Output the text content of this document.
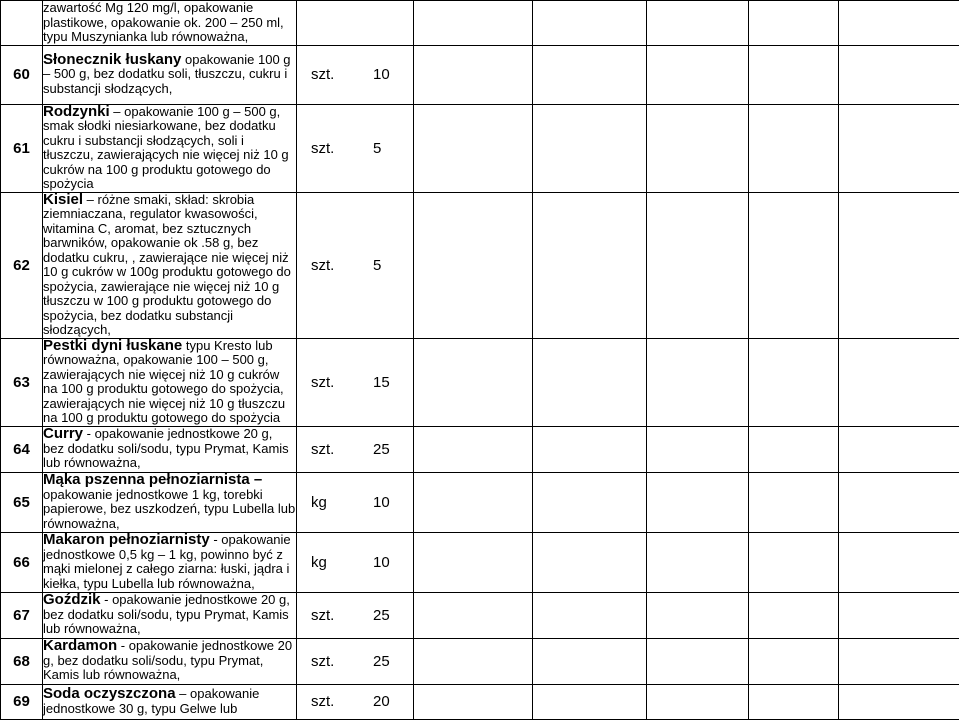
	zawartość Mg 120 mg/l, opakowanie plastikowe, opakowanie ok. 200 – 250 ml, typu Muszynianka lub równoważna,						
60	Słonecznik łuskany opakowanie 100 g – 500 g, bez dodatku soli, tłuszczu, cukru i substancji słodzących,	szt. 10					
61	Rodzynki – opakowanie 100 g – 500 g, smak słodki niesiarkowane, bez dodatku cukru i substancji słodzących, soli i tłuszczu, zawierających nie więcej niż 10 g cukrów na 100 g produktu gotowego do spożycia	szt. 5					
62	Kisiel – różne smaki, skład: skrobia ziemniaczana, regulator kwasowości, witamina C, aromat, bez sztucznych barwników, opakowanie ok .58 g, bez dodatku cukru, , zawierające nie więcej niż 10 g cukrów w 100g produktu gotowego do spożycia, zawierające nie więcej niż 10 g tłuszczu w 100 g produktu gotowego do spożycia, bez dodatku substancji słodzących,	szt. 5					
63	Pestki dyni łuskane typu Kresto lub równoważna, opakowanie 100 – 500 g, zawierających nie więcej niż 10 g cukrów na 100 g produktu gotowego do spożycia, zawierających nie więcej niż 10 g tłuszczu na 100 g produktu gotowego do spożycia	szt. 15					
64	Curry - opakowanie jednostkowe 20 g, bez dodatku soli/sodu, typu Prymat, Kamis lub równoważna,	szt. 25					
65	Mąka pszenna pełnoziarnista – opakowanie jednostkowe 1 kg, torebki papierowe, bez uszkodzeń, typu Lubella lub równoważna,	kg 10					
66	Makaron pełnoziarnisty - opakowanie jednostkowe 0,5 kg – 1 kg, powinno być z mąki mielonej z całego ziarna: łuski, jądra i kiełka, typu Lubella lub równoważna,	kg 10					
67	Goździk - opakowanie jednostkowe 20 g, bez dodatku soli/sodu, typu Prymat, Kamis lub równoważna,	szt. 25					
68	Kardamon - opakowanie jednostkowe 20 g, bez dodatku soli/sodu, typu Prymat, Kamis lub równoważna,	szt. 25					
69	Soda oczyszczona – opakowanie jednostkowe 30 g, typu Gelwe lub	szt. 20					
